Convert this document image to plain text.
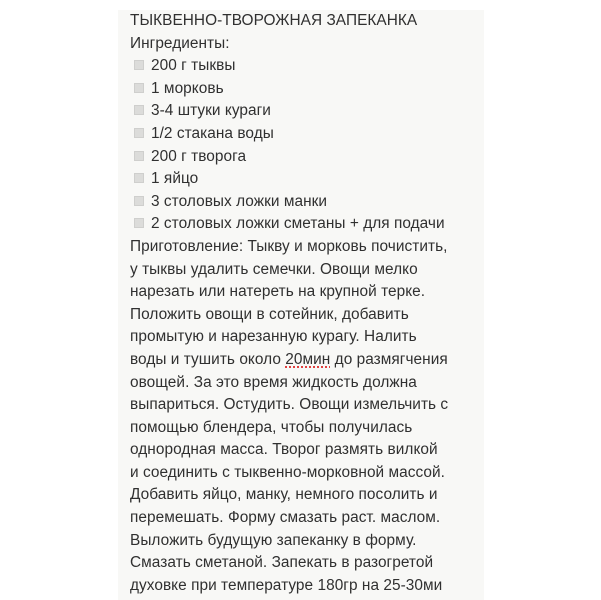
ТЫКВЕННО-ТВОРОЖНАЯ ЗАПЕКАНКА
Ингредиенты:
200 г тыквы
1 морковь
3-4 штуки кураги
1/2 стакана воды
200 г творога
1 яйцо
3 столовых ложки манки
2 столовых ложки сметаны + для подачи
Приготовление: Тыкву и морковь почистить,
у тыквы удалить семечки. Овощи мелко
нарезать или натереть на крупной терке.
Положить овощи в сотейник, добавить
промытую и нарезанную курагу. Налить
воды и тушить около 20мин до размягчения
овощей. За это время жидкость должна
выпариться. Остудить. Овощи измельчить с
помощью блендера, чтобы получилась
однородная масса. Творог размять вилкой
и соединить с тыквенно-морковной массой.
Добавить яйцо, манку, немного посолить и
перемешать. Форму смазать раст. маслом.
Выложить будущую запеканку в форму.
Смазать сметаной. Запекать в разогретой
духовке при температуре 180гр на 25-30ми
